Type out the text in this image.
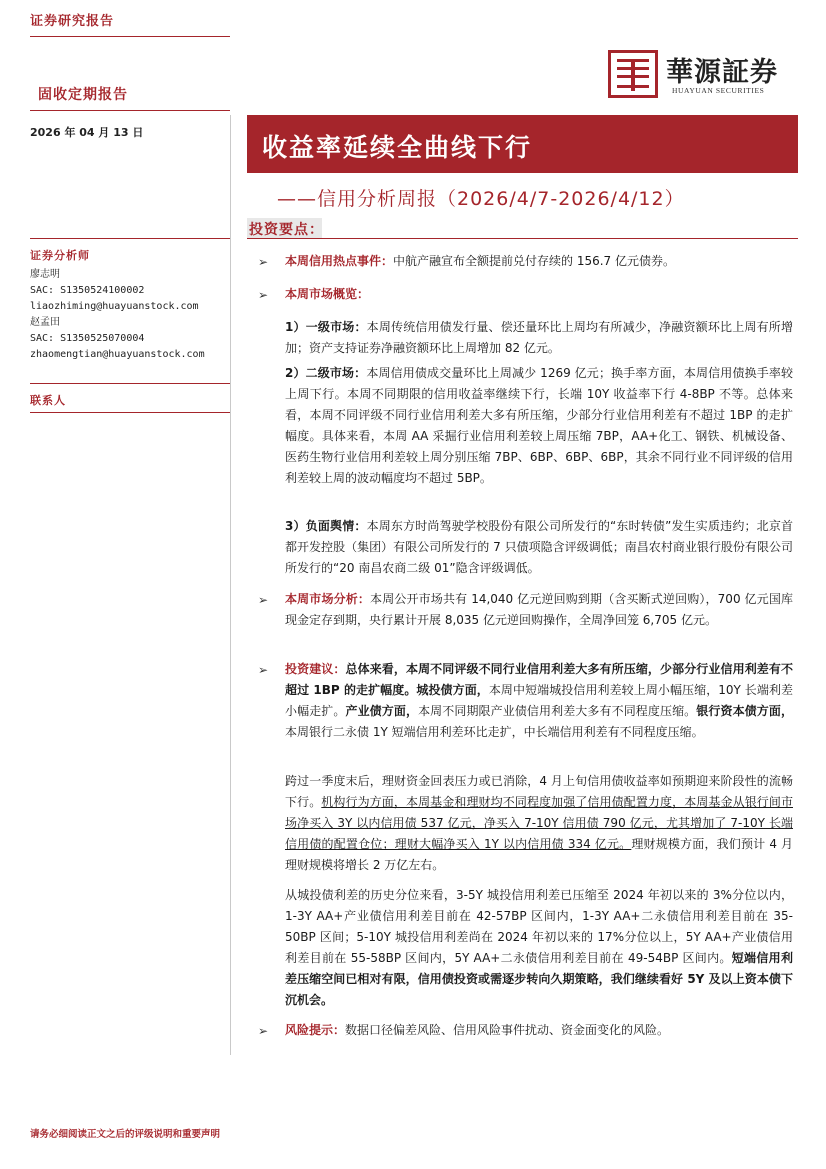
证券研究报告
華源証券
HUAYUAN SECURITIES
固收定期报告
2026 年 04 月 13 日
收益率延续全曲线下行
——信用分析周报（2026/4/7-2026/4/12）
证券分析师
廖志明
SAC: S1350524100002
liaozhiming@huayuanstock.com
赵孟田
SAC: S1350525070004
zhaomengtian@huayuanstock.com
联系人
投资要点：
➢ 本周信用热点事件：中航产融宣布全额提前兑付存续的 156.7 亿元债券。
➢ 本周市场概览：
1）一级市场：本周传统信用债发行量、偿还量环比上周均有所减少，净融资额环比上周有所增加；资产支持证券净融资额环比上周增加 82 亿元。
2）二级市场：本周信用债成交量环比上周减少 1269 亿元；换手率方面，本周信用债换手率较上周下行。本周不同期限的信用收益率继续下行，长端 10Y 收益率下行 4-8BP 不等。总体来看，本周不同评级不同行业信用利差大多有所压缩，少部分行业信用利差有不超过 1BP 的走扩幅度。具体来看，本周 AA 采掘行业信用利差较上周压缩 7BP，AA+化工、钢铁、机械设备、医药生物行业信用利差较上周分别压缩 7BP、6BP、6BP、6BP，其余不同行业不同评级的信用利差较上周的波动幅度均不超过 5BP。
3）负面舆情：本周东方时尚驾驶学校股份有限公司所发行的“东时转债”发生实质违约；北京首都开发控股（集团）有限公司所发行的 7 只债项隐含评级调低；南昌农村商业银行股份有限公司所发行的“20 南昌农商二级 01”隐含评级调低。
➢ 本周市场分析：本周公开市场共有 14,040 亿元逆回购到期（含买断式逆回购），700 亿元国库现金定存到期，央行累计开展 8,035 亿元逆回购操作，全周净回笼 6,705 亿元。
➢ 投资建议：总体来看，本周不同评级不同行业信用利差大多有所压缩，少部分行业信用利差有不超过 1BP 的走扩幅度。城投债方面，本周中短端城投信用利差较上周小幅压缩，10Y 长端利差小幅走扩。产业债方面，本周不同期限产业债信用利差大多有不同程度压缩。银行资本债方面，本周银行二永债 1Y 短端信用利差环比走扩，中长端信用利差有不同程度压缩。
跨过一季度末后，理财资金回表压力或已消除，4 月上旬信用债收益率如预期迎来阶段性的流畅下行。机构行为方面，本周基金和理财均不同程度加强了信用债配置力度，本周基金从银行间市场净买入 3Y 以内信用债 537 亿元，净买入 7-10Y 信用债 790 亿元，尤其增加了 7-10Y 长端信用债的配置仓位；理财大幅净买入 1Y 以内信用债 334 亿元。理财规模方面，我们预计 4 月理财规模将增长 2 万亿左右。
从城投债利差的历史分位来看，3-5Y 城投信用利差已压缩至 2024 年初以来的 3%分位以内，1-3Y AA+产业债信用利差目前在 42-57BP 区间内，1-3Y AA+二永债信用利差目前在 35-50BP 区间；5-10Y 城投信用利差尚在 2024 年初以来的 17%分位以上，5Y AA+产业债信用利差目前在 55-58BP 区间内，5Y AA+二永债信用利差目前在 49-54BP 区间内。短端信用利差压缩空间已相对有限，信用债投资或需逐步转向久期策略，我们继续看好 5Y 及以上资本债下沉机会。
➢ 风险提示：数据口径偏差风险、信用风险事件扰动、资金面变化的风险。
请务必细阅读正文之后的评级说明和重要声明
